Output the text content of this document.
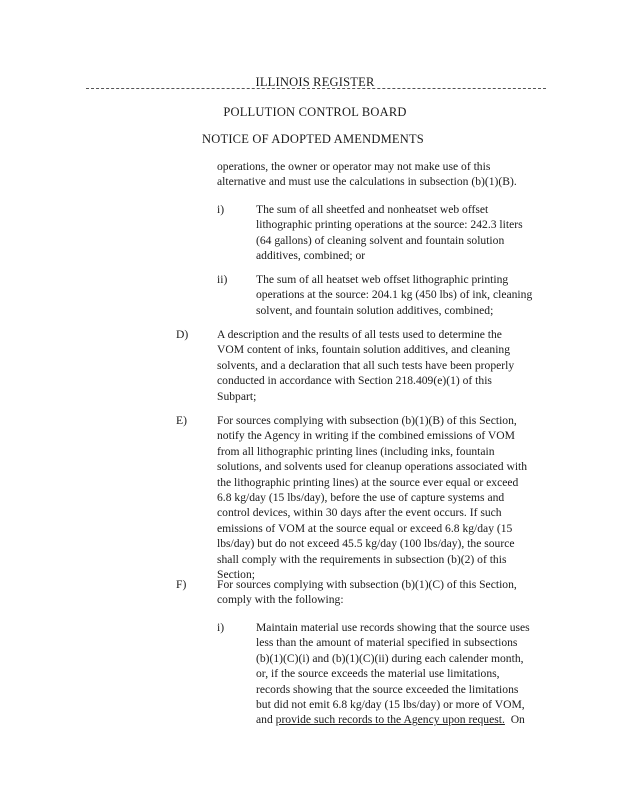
ILLINOIS REGISTER
POLLUTION CONTROL BOARD
NOTICE OF ADOPTED AMENDMENTS
operations, the owner or operator may not make use of this
alternative and must use the calculations in subsection (b)(1)(B).
i)	The sum of all sheetfed and nonheatset web offset
lithographic printing operations at the source: 242.3 liters
(64 gallons) of cleaning solvent and fountain solution
additives, combined; or
ii) The sum of all heatset web offset lithographic printing
operations at the source: 204.1 kg (450 lbs) of ink, cleaning
solvent, and fountain solution additives, combined;
D) A description and the results of all tests used to determine the
VOM content of inks, fountain solution additives, and cleaning
solvents, and a declaration that all such tests have been properly
conducted in accordance with Section 218.409(e)(1) of this
Subpart;
E)	For sources complying with subsection (b)(1)(B) of this Section,
notify the Agency in writing if the combined emissions of VOM
from all lithographic printing lines (including inks, fountain
solutions, and solvents used for cleanup operations associated with
the lithographic printing lines) at the source ever equal or exceed
6.8 kg/day (15 lbs/day), before the use of capture systems and
control devices, within 30 days after the event occurs. If such
emissions of VOM at the source equal or exceed 6.8 kg/day (15
lbs/day) but do not exceed 45.5 kg/day (100 lbs/day), the source
shall comply with the requirements in subsection (b)(2) of this
Section;
F)	For sources complying with subsection (b)(1)(C) of this Section,
comply with the following:
i)	Maintain material use records showing that the source uses
less than the amount of material specified in subsections
(b)(1)(C)(i) and (b)(1)(C)(ii) during each calender month,
or, if the source exceeds the material use limitations,
records showing that the source exceeded the limitations
but did not emit 6.8 kg/day (15 lbs/day) or more of VOM,
and provide such records to the Agency upon request.  On
